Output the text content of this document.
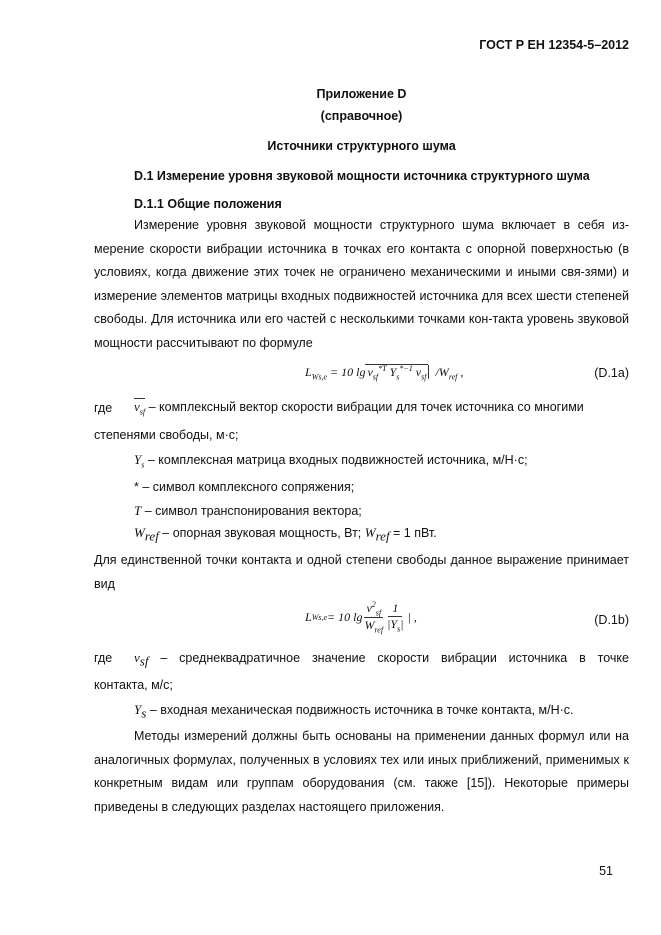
ГОСТ Р ЕН 12354-5–2012
Приложение D
(справочное)
Источники структурного шума
D.1 Измерение уровня звуковой мощности источника структурного шума
D.1.1 Общие положения
Измерение уровня звуковой мощности структурного шума включает в себя из-мерение скорости вибрации источника в точках его контакта с опорной поверхностью (в условиях, когда движение этих точек не ограничено механическими и иными свя-зями) и измерение элементов матрицы входных подвижностей источника для всех шести степеней свободы. Для источника или его частей с несколькими точками кон-такта уровень звуковой мощности рассчитывают по формуле
$L_{Ws,e} = 10$ $\lg v_{sf}^{*T}$ $Y_s^{*-1}$ $v_{sf}$  $/W_{ref}$ ,	(D.1a)
где $v_{sf}$ – комплексный вектор скорости вибрации для точек источника со многими
степенями свободы, м·с;
$Y_s$ – комплексная матрица входных подвижностей источника, м/Н·с;
* – символ комплексного сопряжения;
T – символ транспонирования вектора;
$W_{ref}$ – опорная звуковая мощность, Вт; $W_{ref} = 1$ пВт.
Для единственной точки контакта и одной степени свободы данное выражение принимает вид
L Ws,e = 10 lg
$v^2_{sf}$
$W_{ref} \frac{1}{|Y_s|}$ | ,	(D.1b)
где $v_{sf}$ – среднеквадратичное значение скорости вибрации источника в точке
контакта, м/с;
$Y_s$ – входная механическая подвижность источника в точке контакта, м/Н·с.
Методы измерений должны быть основаны на применении данных формул или на аналогичных формулах, полученных в условиях тех или иных приближений, применимых к конкретным видам или группам оборудования (см. также [15]). Некоторые примеры приведены в следующих разделах настоящего приложения.
51
